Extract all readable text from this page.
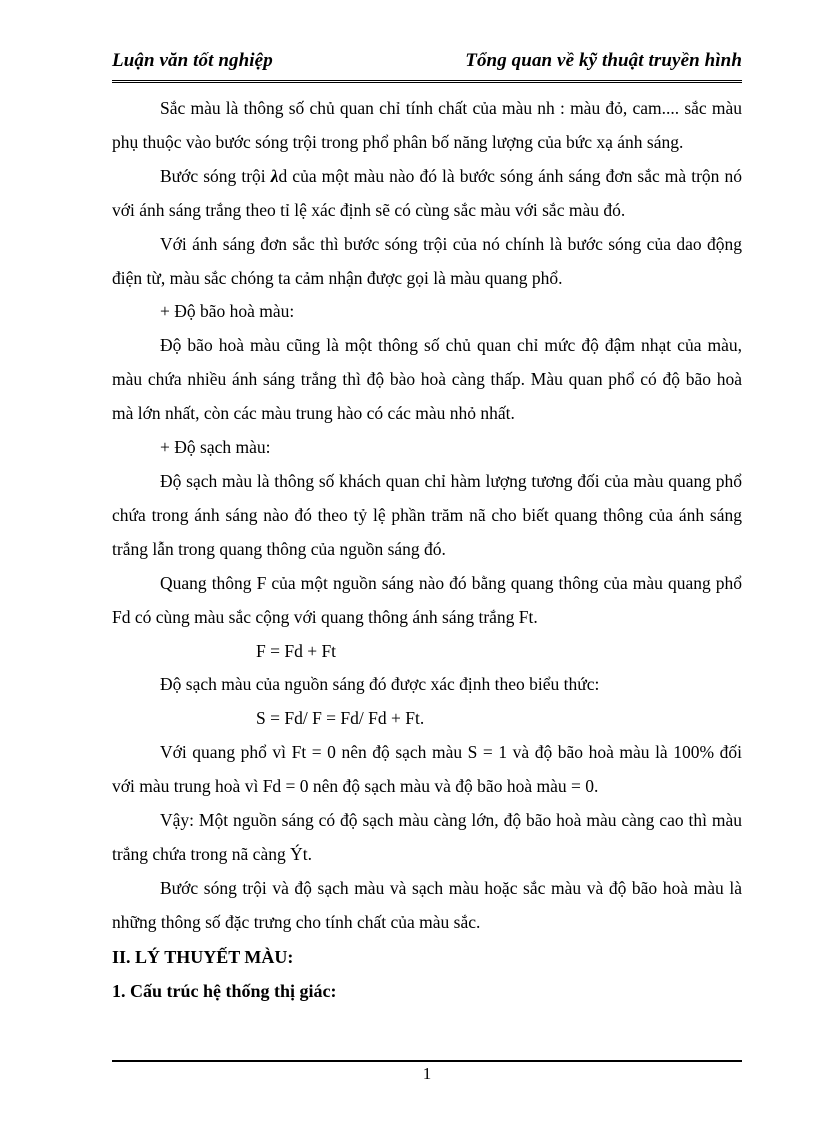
Luận văn tốt nghiệp	Tổng quan về kỹ thuật truyền hình

Sắc màu là thông số chủ quan chỉ tính chất của màu nh : màu đỏ, cam.... sắc màu phụ thuộc vào bước sóng trội trong phổ phân bố năng lượng của bức xạ ánh sáng.

Bước sóng trội λd của một màu nào đó là bước sóng ánh sáng đơn sắc mà trộn nó với ánh sáng trắng theo tỉ lệ xác định sẽ có cùng sắc màu với sắc màu đó.

Với ánh sáng đơn sắc thì bước sóng trội của nó chính là bước sóng của dao động điện từ, màu sắc chóng ta cảm nhận được gọi là màu quang phổ.

+ Độ bão hoà màu:

Độ bão hoà màu cũng là một thông số chủ quan chỉ mức độ đậm nhạt của màu, màu chứa nhiều ánh sáng trắng thì độ bào hoà càng thấp. Màu quan phổ có độ bão hoà mà lớn nhất, còn các màu trung hào có các màu nhỏ nhất.

+ Độ sạch màu:

Độ sạch màu là thông số khách quan chỉ hàm lượng tương đối của màu quang phổ chứa trong ánh sáng nào đó theo tỷ lệ phần trăm nã cho biết quang thông của ánh sáng trắng lẫn trong quang thông của nguồn sáng đó.

Quang thông F của một nguồn sáng nào đó bằng quang thông của màu quang phổ Fd có cùng màu sắc cộng với quang thông ánh sáng trắng Ft.

F = Fd + Ft

Độ sạch màu của nguồn sáng đó được xác định theo biểu thức:

S = Fd/ F = Fd/ Fd + Ft.

Với quang phổ vì Ft = 0 nên độ sạch màu S = 1 và độ bão hoà màu là 100% đối với màu trung hoà vì Fd = 0 nên độ sạch màu và độ bão hoà màu = 0.

Vậy: Một nguồn sáng có độ sạch màu càng lớn, độ bão hoà màu càng cao thì màu trắng chứa trong nã càng Ýt.

Bước sóng trội và độ sạch màu và sạch màu hoặc sắc màu và độ bão hoà màu là những thông số đặc trưng cho tính chất của màu sắc.

II. LÝ THUYẾT MÀU:
1. Cấu trúc hệ thống thị giác:
1
